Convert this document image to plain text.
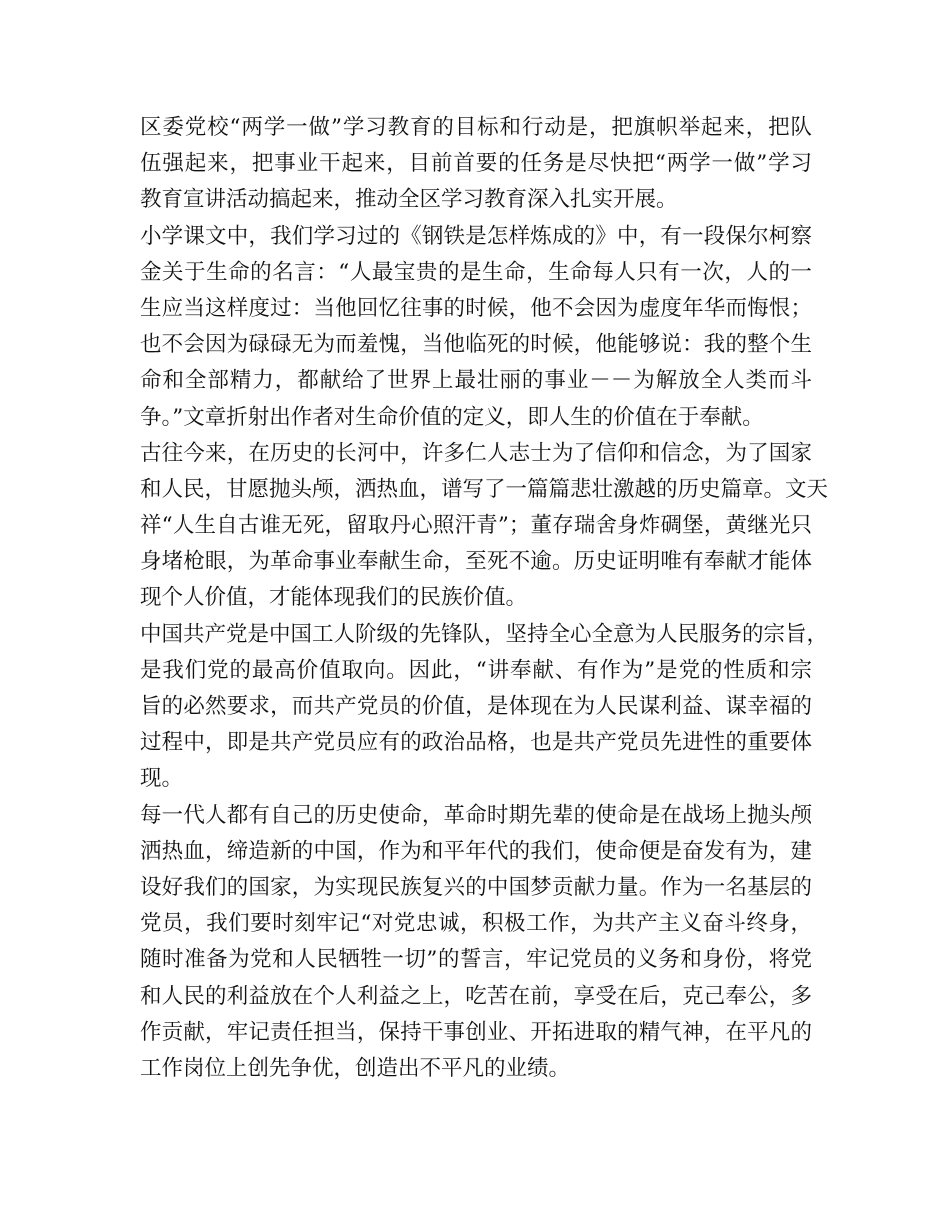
区委党校“两学一做”学习教育的目标和行动是，把旗帜举起来，把队

伍强起来，把事业干起来，目前首要的任务是尽快把“两学一做”学习

教育宣讲活动搞起来，推动全区学习教育深入扎实开展。

小学课文中，我们学习过的《钢铁是怎样炼成的》中，有一段保尔柯察

金关于生命的名言：“人最宝贵的是生命，生命每人只有一次，人的一

生应当这样度过：当他回忆往事的时候，他不会因为虚度年华而悔恨；

也不会因为碌碌无为而羞愧，当他临死的时候，他能够说：我的整个生

命和全部精力，都献给了世界上最壮丽的事业－－为解放全人类而斗

争。”文章折射出作者对生命价值的定义，即人生的价值在于奉献。

古往今来，在历史的长河中，许多仁人志士为了信仰和信念，为了国家

和人民，甘愿抛头颅，洒热血，谱写了一篇篇悲壮激越的历史篇章。文天

祥“人生自古谁无死，留取丹心照汗青”；董存瑞舍身炸碉堡，黄继光只

身堵枪眼，为革命事业奉献生命，至死不逾。历史证明唯有奉献才能体

现个人价值，才能体现我们的民族价值。

中国共产党是中国工人阶级的先锋队，坚持全心全意为人民服务的宗旨，

是我们党的最高价值取向。因此，“讲奉献、有作为”是党的性质和宗

旨的必然要求，而共产党员的价值，是体现在为人民谋利益、谋幸福的

过程中，即是共产党员应有的政治品格，也是共产党员先进性的重要体

现。

每一代人都有自己的历史使命，革命时期先辈的使命是在战场上抛头颅

洒热血，缔造新的中国，作为和平年代的我们，使命便是奋发有为，建

设好我们的国家，为实现民族复兴的中国梦贡献力量。作为一名基层的

党员，我们要时刻牢记“对党忠诚，积极工作，为共产主义奋斗终身，

随时准备为党和人民牺牲一切”的誓言，牢记党员的义务和身份，将党

和人民的利益放在个人利益之上，吃苦在前，享受在后，克己奉公，多

作贡献，牢记责任担当，保持干事创业、开拓进取的精气神，在平凡的

工作岗位上创先争优，创造出不平凡的业绩。
